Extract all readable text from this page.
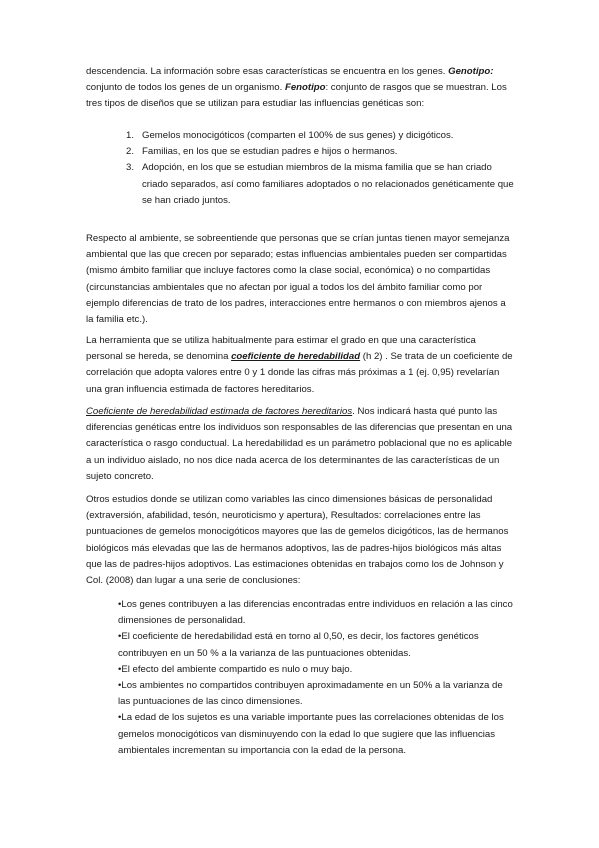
descendencia. La información sobre esas características se encuentra en los genes. Genotipo: conjunto de todos los genes de un organismo. Fenotipo: conjunto de rasgos que se muestran. Los tres tipos de diseños que se utilizan para estudiar las influencias genéticas son:

1. Gemelos monocigóticos (comparten el 100% de sus genes) y dicigóticos.
2. Familias, en los que se estudian padres e hijos o hermanos.
3. Adopción, en los que se estudian miembros de la misma familia que se han criado criado separados, así como familiares adoptados o no relacionados genéticamente que se han criado juntos.

Respecto al ambiente, se sobreentiende que personas que se crían juntas tienen mayor semejanza ambiental que las que crecen por separado; estas influencias ambientales pueden ser compartidas (mismo ámbito familiar que incluye factores como la clase social, económica) o no compartidas (circunstancias ambientales que no afectan por igual a todos los del ámbito familiar como por ejemplo diferencias de trato de los padres, interacciones entre hermanos o con miembros ajenos a la familia etc.).

La herramienta que se utiliza habitualmente para estimar el grado en que una característica personal se hereda, se denomina coeficiente de heredabilidad (h 2) . Se trata de un coeficiente de correlación que adopta valores entre 0 y 1 donde las cifras más próximas a 1 (ej. 0,95) revelarían una gran influencia estimada de factores hereditarios.

Coeficiente de heredabilidad estimada de factores hereditarios. Nos indicará hasta qué punto las diferencias genéticas entre los individuos son responsables de las diferencias que presentan en una característica o rasgo conductual. La heredabilidad es un parámetro poblacional que no es aplicable a un individuo aislado, no nos dice nada acerca de los determinantes de las características de un sujeto concreto.

Otros estudios donde se utilizan como variables las cinco dimensiones básicas de personalidad (extraversión, afabilidad, tesón, neuroticismo y apertura), Resultados: correlaciones entre las puntuaciones de gemelos monocigóticos mayores que las de gemelos dicigóticos, las de hermanos biológicos más elevadas que las de hermanos adoptivos, las de padres-hijos biológicos más altas que las de padres-hijos adoptivos. Las estimaciones obtenidas en trabajos como los de Johnson y Col. (2008) dan lugar a una serie de conclusiones:

•Los genes contribuyen a las diferencias encontradas entre individuos en relación a las cinco dimensiones de personalidad.
•El coeficiente de heredabilidad está en torno al 0,50, es decir, los factores genéticos contribuyen en un 50 % a la varianza de las puntuaciones obtenidas.
•El efecto del ambiente compartido es nulo o muy bajo.
•Los ambientes no compartidos contribuyen aproximadamente en un 50% a la varianza de las puntuaciones de las cinco dimensiones.
•La edad de los sujetos es una variable importante pues las correlaciones obtenidas de los gemelos monocigóticos van disminuyendo con la edad lo que sugiere que las influencias ambientales incrementan su importancia con la edad de la persona.
